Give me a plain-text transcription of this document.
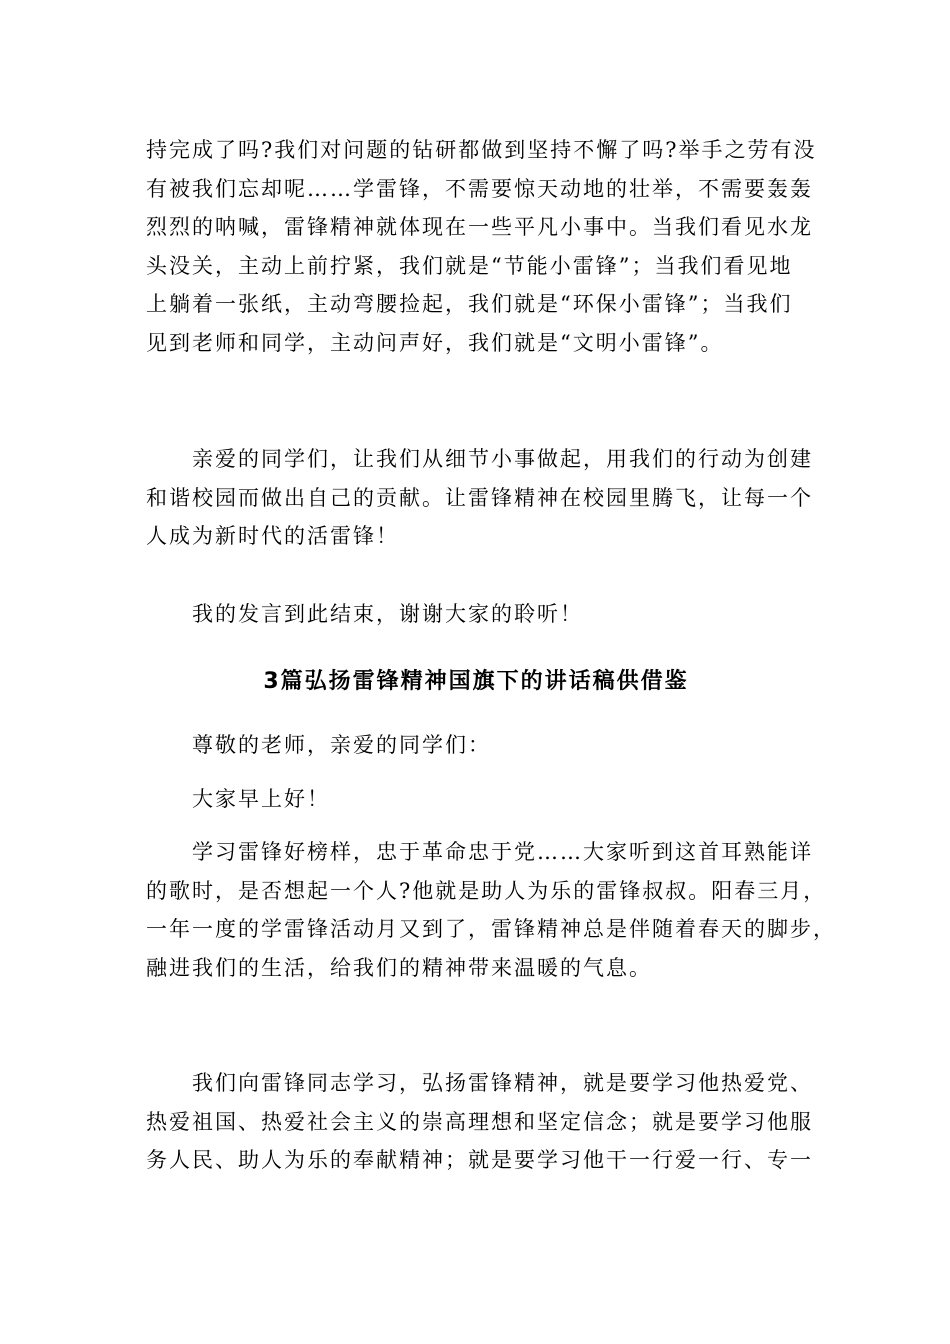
持完成了吗?我们对问题的钻研都做到坚持不懈了吗?举手之劳有没
有被我们忘却呢……学雷锋，不需要惊天动地的壮举，不需要轰轰
烈烈的呐喊，雷锋精神就体现在一些平凡小事中。当我们看见水龙
头没关，主动上前拧紧，我们就是“节能小雷锋”；当我们看见地
上躺着一张纸，主动弯腰捡起，我们就是“环保小雷锋”；当我们
见到老师和同学，主动问声好，我们就是“文明小雷锋”。
亲爱的同学们，让我们从细节小事做起，用我们的行动为创建
和谐校园而做出自己的贡献。让雷锋精神在校园里腾飞，让每一个
人成为新时代的活雷锋！
我的发言到此结束，谢谢大家的聆听！
3篇弘扬雷锋精神国旗下的讲话稿供借鉴
尊敬的老师，亲爱的同学们：
大家早上好！
学习雷锋好榜样，忠于革命忠于党……大家听到这首耳熟能详
的歌时，是否想起一个人?他就是助人为乐的雷锋叔叔。阳春三月，
一年一度的学雷锋活动月又到了，雷锋精神总是伴随着春天的脚步，
融进我们的生活，给我们的精神带来温暖的气息。
我们向雷锋同志学习，弘扬雷锋精神，就是要学习他热爱党、
热爱祖国、热爱社会主义的崇高理想和坚定信念；就是要学习他服
务人民、助人为乐的奉献精神；就是要学习他干一行爱一行、专一
